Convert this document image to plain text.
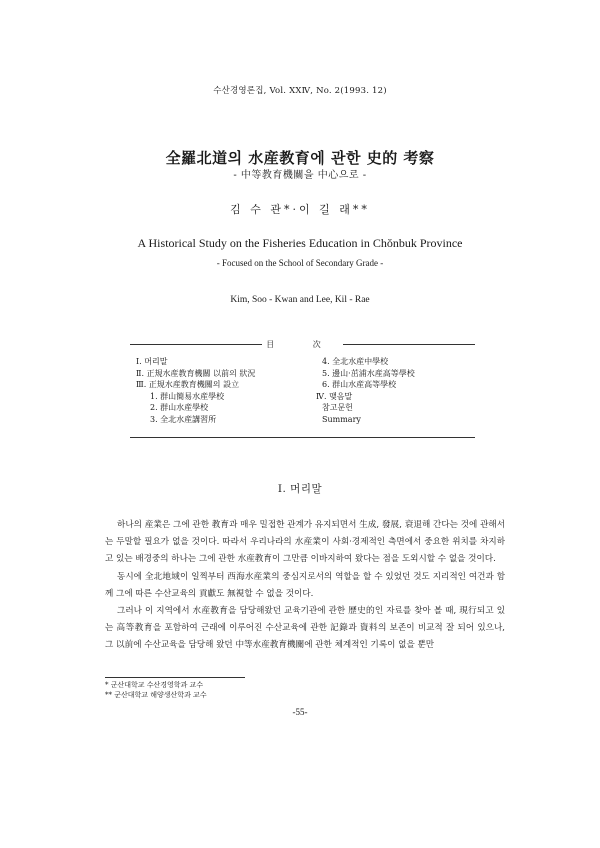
수산경영론집, Vol. ⅩⅩⅣ, No. 2(1993. 12)
全羅北道의 水産教育에 관한 史的 考察
- 中等教育機關을 中心으로 -
김 수 관*·이 길 래**
A Historical Study on the Fisheries Education in Chŏnbuk Province
- Focused on the School of Secondary Grade -
Kim, Soo - Kwan and Lee, Kil - Rae
目 次
Ⅰ. 머리말
Ⅱ. 正規水産教育機關 以前의 狀況
Ⅲ. 正規水産教育機關의 設立
1. 群山簡易水産學校
2. 群山水産學校
3. 全北水産講習所
4. 全北水産中學校
5. 邊山·茁浦水産高等學校
6. 群山水産高等學校
Ⅳ. 맺음말
참고문헌
Summary
Ⅰ. 머리말

하나의 産業은 그에 관한 教育과 매우 밀접한 관계가 유지되면서 生成, 發展, 衰退해 간다는 것에 관해서는 두말할 필요가 없을 것이다. 따라서 우리나라의 水産業이 사회·경제적인 측면에서 중요한 위치를 차지하고 있는 배경중의 하나는 그에 관한 水産教育이 그만큼 이바지하여 왔다는 점을 도외시할 수 없을 것이다.

동시에 全北地域이 일찍부터 西海水産業의 중심지로서의 역할을 할 수 있었던 것도 지리적인 여건과 함께 그에 따른 수산교육의 貢獻도 無視할 수 없을 것이다.

그러나 이 지역에서 水産教育을 담당해왔던 교육기관에 관한 歷史的인 자료를 찾아 볼 때, 現行되고 있는 高等教育을 포함하여 근래에 이루어진 수산교육에 관한 記錄과 資料의 보존이 비교적 잘 되어 있으나, 그 以前에 수산교육을 담당해 왔던 中等水産教育機關에 관한 체계적인 기록이 없을 뿐만

* 군산대학교 수산경영학과 교수
** 군산대학교 해양생산학과 교수
-55-
